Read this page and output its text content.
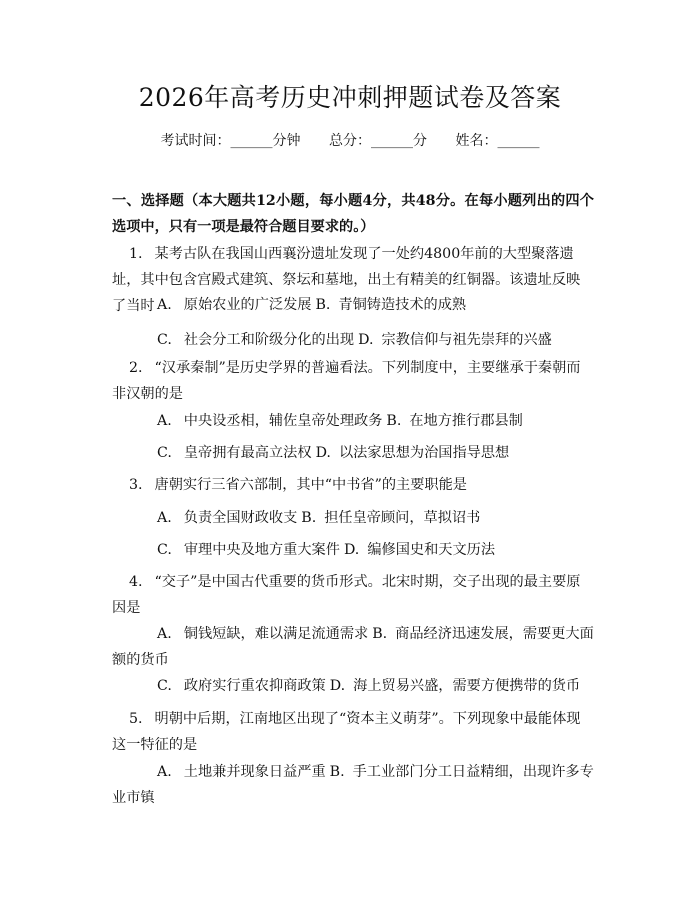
2026年高考历史冲刺押题试卷及答案
考试时间：______分钟 总分：______分 姓名：______
一、选择题（本大题共12小题，每小题4分，共48分。在每小题列出的四个选项中，只有一项是最符合题目要求的。）
1. 某考古队在我国山西襄汾遗址发现了一处约4800年前的大型聚落遗址，其中包含宫殿式建筑、祭坛和墓地，出土有精美的红铜器。该遗址反映了当时 A. 原始农业的广泛发展 B. 青铜铸造技术的成熟
C. 社会分工和阶级分化的出现 D. 宗教信仰与祖先崇拜的兴盛
2. “汉承秦制”是历史学界的普遍看法。下列制度中，主要继承于秦朝而非汉朝的是
A. 中央设丞相，辅佐皇帝处理政务 B. 在地方推行郡县制
C. 皇帝拥有最高立法权 D. 以法家思想为治国指导思想
3. 唐朝实行三省六部制，其中“中书省”的主要职能是
A. 负责全国财政收支 B. 担任皇帝顾问，草拟诏书
C. 审理中央及地方重大案件 D. 编修国史和天文历法
4. “交子”是中国古代重要的货币形式。北宋时期，交子出现的最主要原因是
A. 铜钱短缺，难以满足流通需求 B. 商品经济迅速发展，需要更大面额的货币
C. 政府实行重农抑商政策 D. 海上贸易兴盛，需要方便携带的货币
5. 明朝中后期，江南地区出现了“资本主义萌芽”。下列现象中最能体现这一特征的是
A. 土地兼并现象日益严重 B. 手工业部门分工日益精细，出现许多专业市镇
